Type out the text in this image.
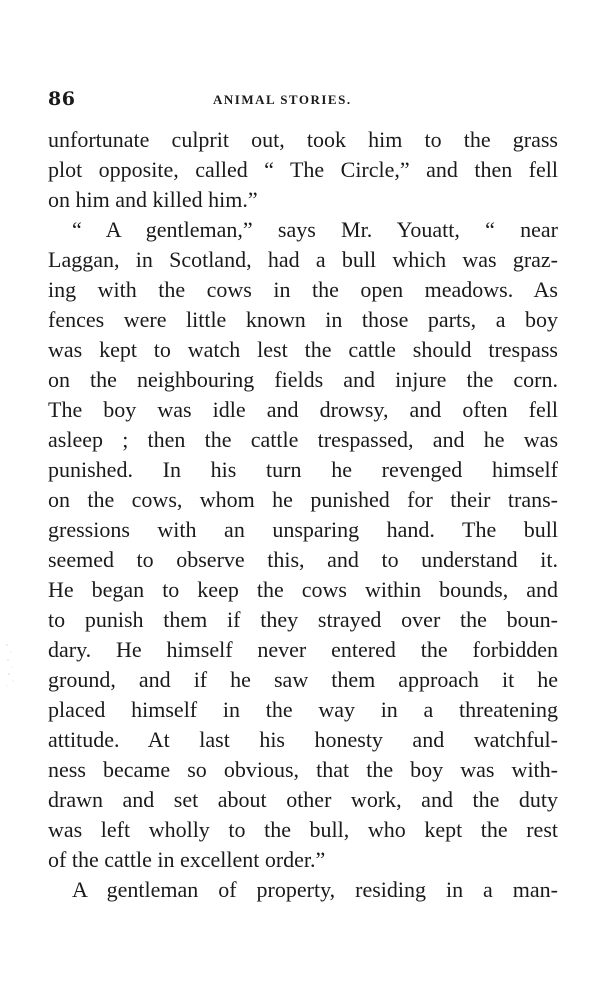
86	ANIMAL STORIES.
unfortunate culprit out, took him to the grass
plot opposite, called “ The Circle,” and then fell
on him and killed him.”
“ A gentleman,” says Mr. Youatt, “ near
Laggan, in Scotland, had a bull which was graz-
ing with the cows in the open meadows. As
fences were little known in those parts, a boy
was kept to watch lest the cattle should trespass
on the neighbouring fields and injure the corn.
The boy was idle and drowsy, and often fell
asleep ; then the cattle trespassed, and he was
punished. In his turn he revenged himself
on the cows, whom he punished for their trans-
gressions with an unsparing hand. The bull
seemed to observe this, and to understand it.
He began to keep the cows within bounds, and
to punish them if they strayed over the boun-
dary. He himself never entered the forbidden
ground, and if he saw them approach it he
placed himself in the way in a threatening
attitude. At last his honesty and watchful-
ness became so obvious, that the boy was with-
drawn and set about other work, and the duty
was left wholly to the bull, who kept the rest
of the cattle in excellent order.”
A gentleman of property, residing in a man-
